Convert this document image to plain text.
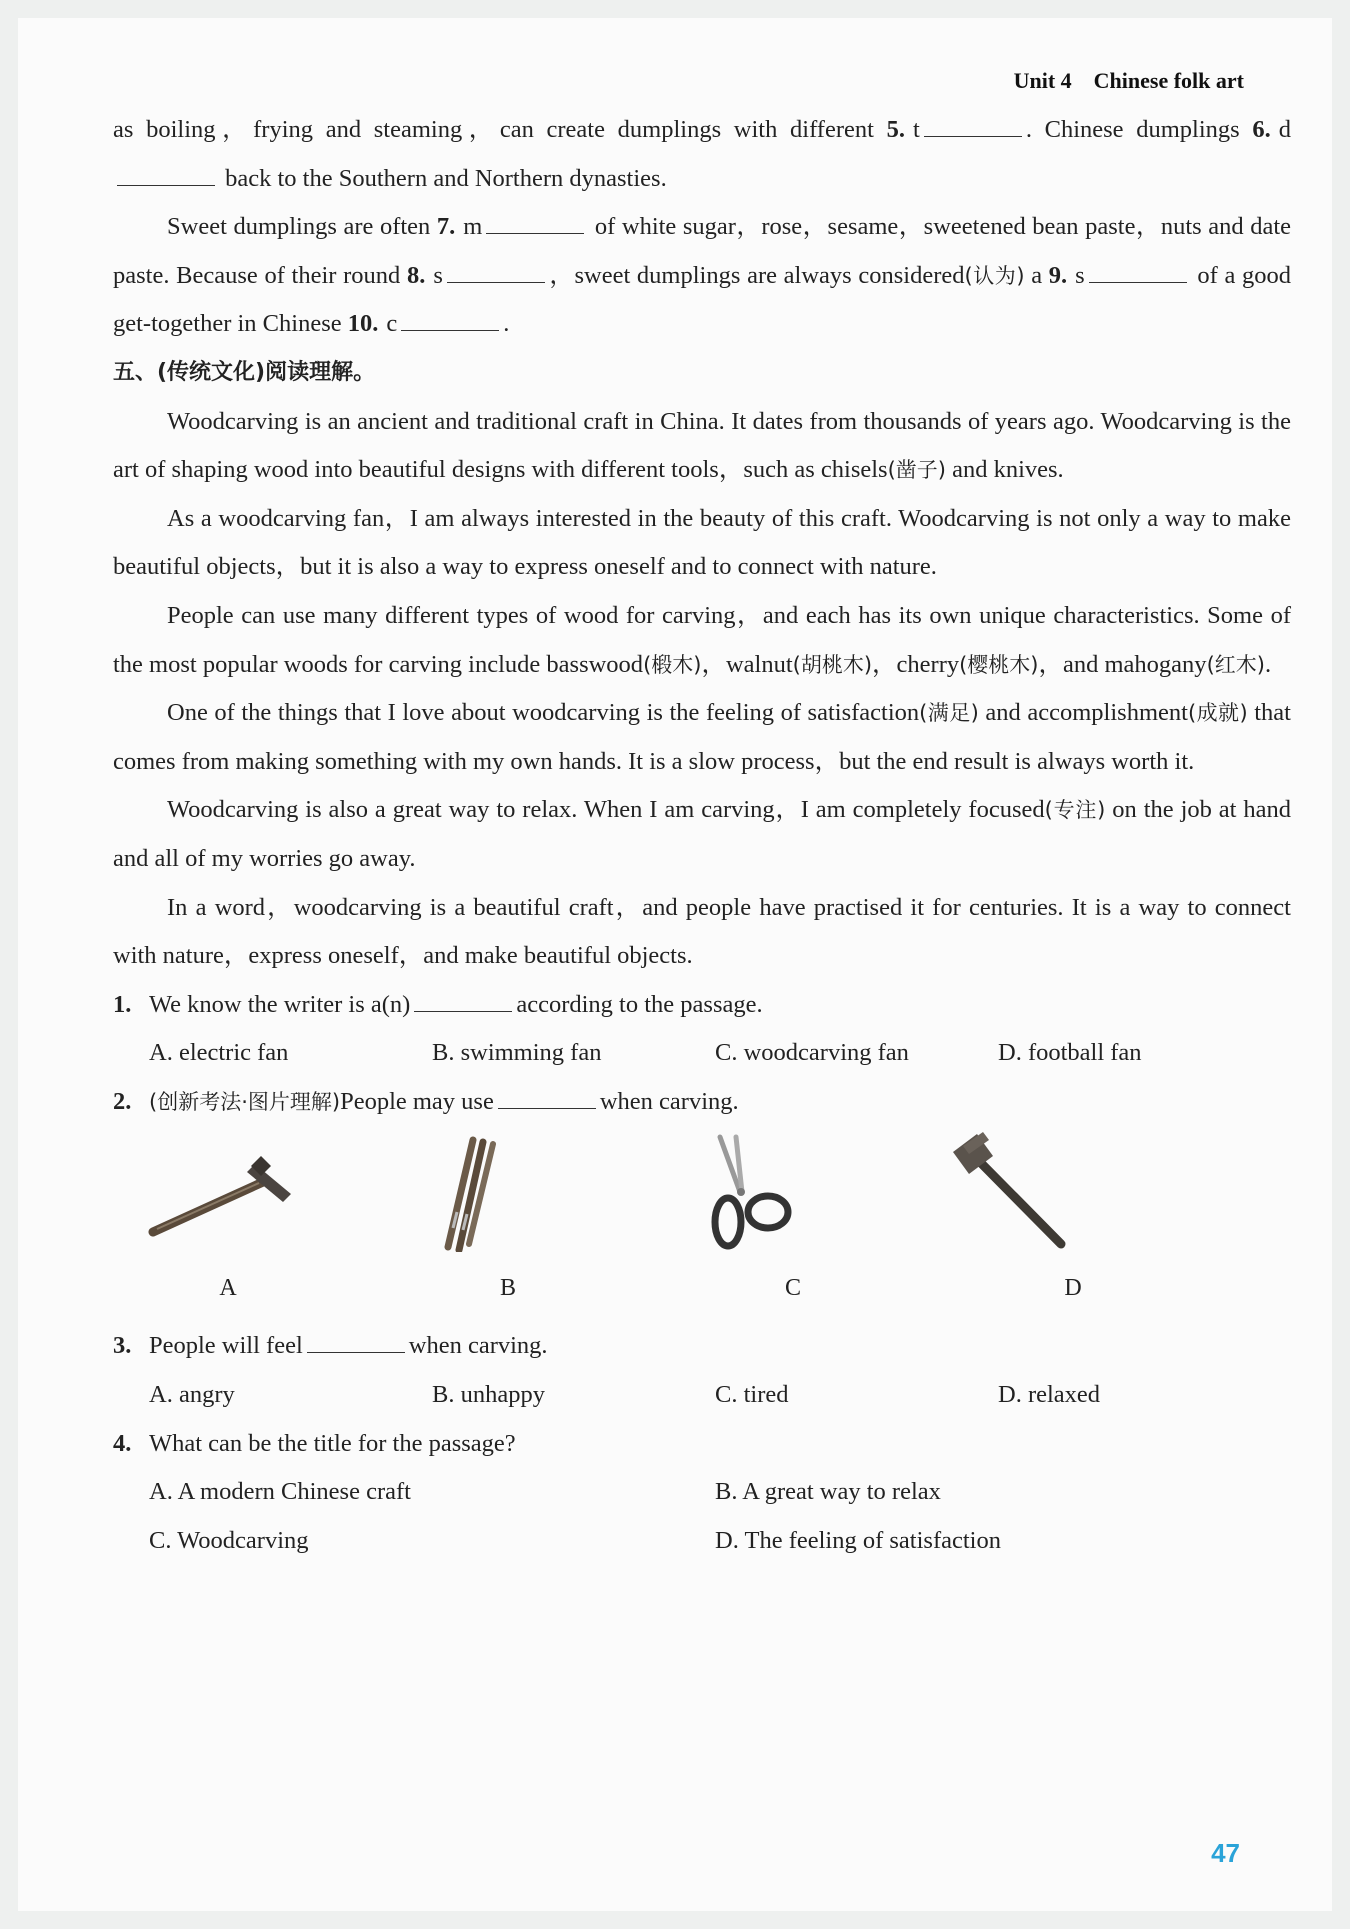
Unit 4 Chinese folk art

as boiling，frying and steaming，can create dumplings with different 5. t	. Chinese dumplings 6. d back to the Southern and Northern dynasties.

Sweet dumplings are often 7. m	of white sugar，rose，sesame，sweetened bean paste，nuts and date paste. Because of their round 8. s	，sweet dumplings are always considered(认为) a 9. s	of a good get-together in Chinese 10. c	.

五、(传统文化)阅读理解。

Woodcarving is an ancient and traditional craft in China. It dates from thousands of years ago. Woodcarving is the art of shaping wood into beautiful designs with different tools，such as chisels(凿子) and knives.

As a woodcarving fan，I am always interested in the beauty of this craft. Woodcarving is not only a way to make beautiful objects，but it is also a way to express oneself and to connect with nature.

People can use many different types of wood for carving，and each has its own unique characteristics. Some of the most popular woods for carving include basswood(椴木)，walnut(胡桃木)，cherry(樱桃木)，and mahogany(红木).

One of the things that I love about woodcarving is the feeling of satisfaction(满足) and accomplishment(成就) that comes from making something with my own hands. It is a slow process，but the end result is always worth it.

Woodcarving is also a great way to relax. When I am carving，I am completely focused(专注) on the job at hand and all of my worries go away.

In a word，woodcarving is a beautiful craft，and people have practised it for centuries. It is a way to connect with nature，express oneself，and make beautiful objects.

1. We know the writer is a(n)	according to the passage.

A. electric fan	B. swimming fan	C. woodcarving fan	D. football fan

2. (创新考法·图片理解)People may use	when carving.

A	B	C	D

3. People will feel	when carving.

A. angry	B. unhappy	C. tired	D. relaxed

4. What can be the title for the passage?

A. A modern Chinese craft	B. A great way to relax
C. Woodcarving	D. The feeling of satisfaction
47
